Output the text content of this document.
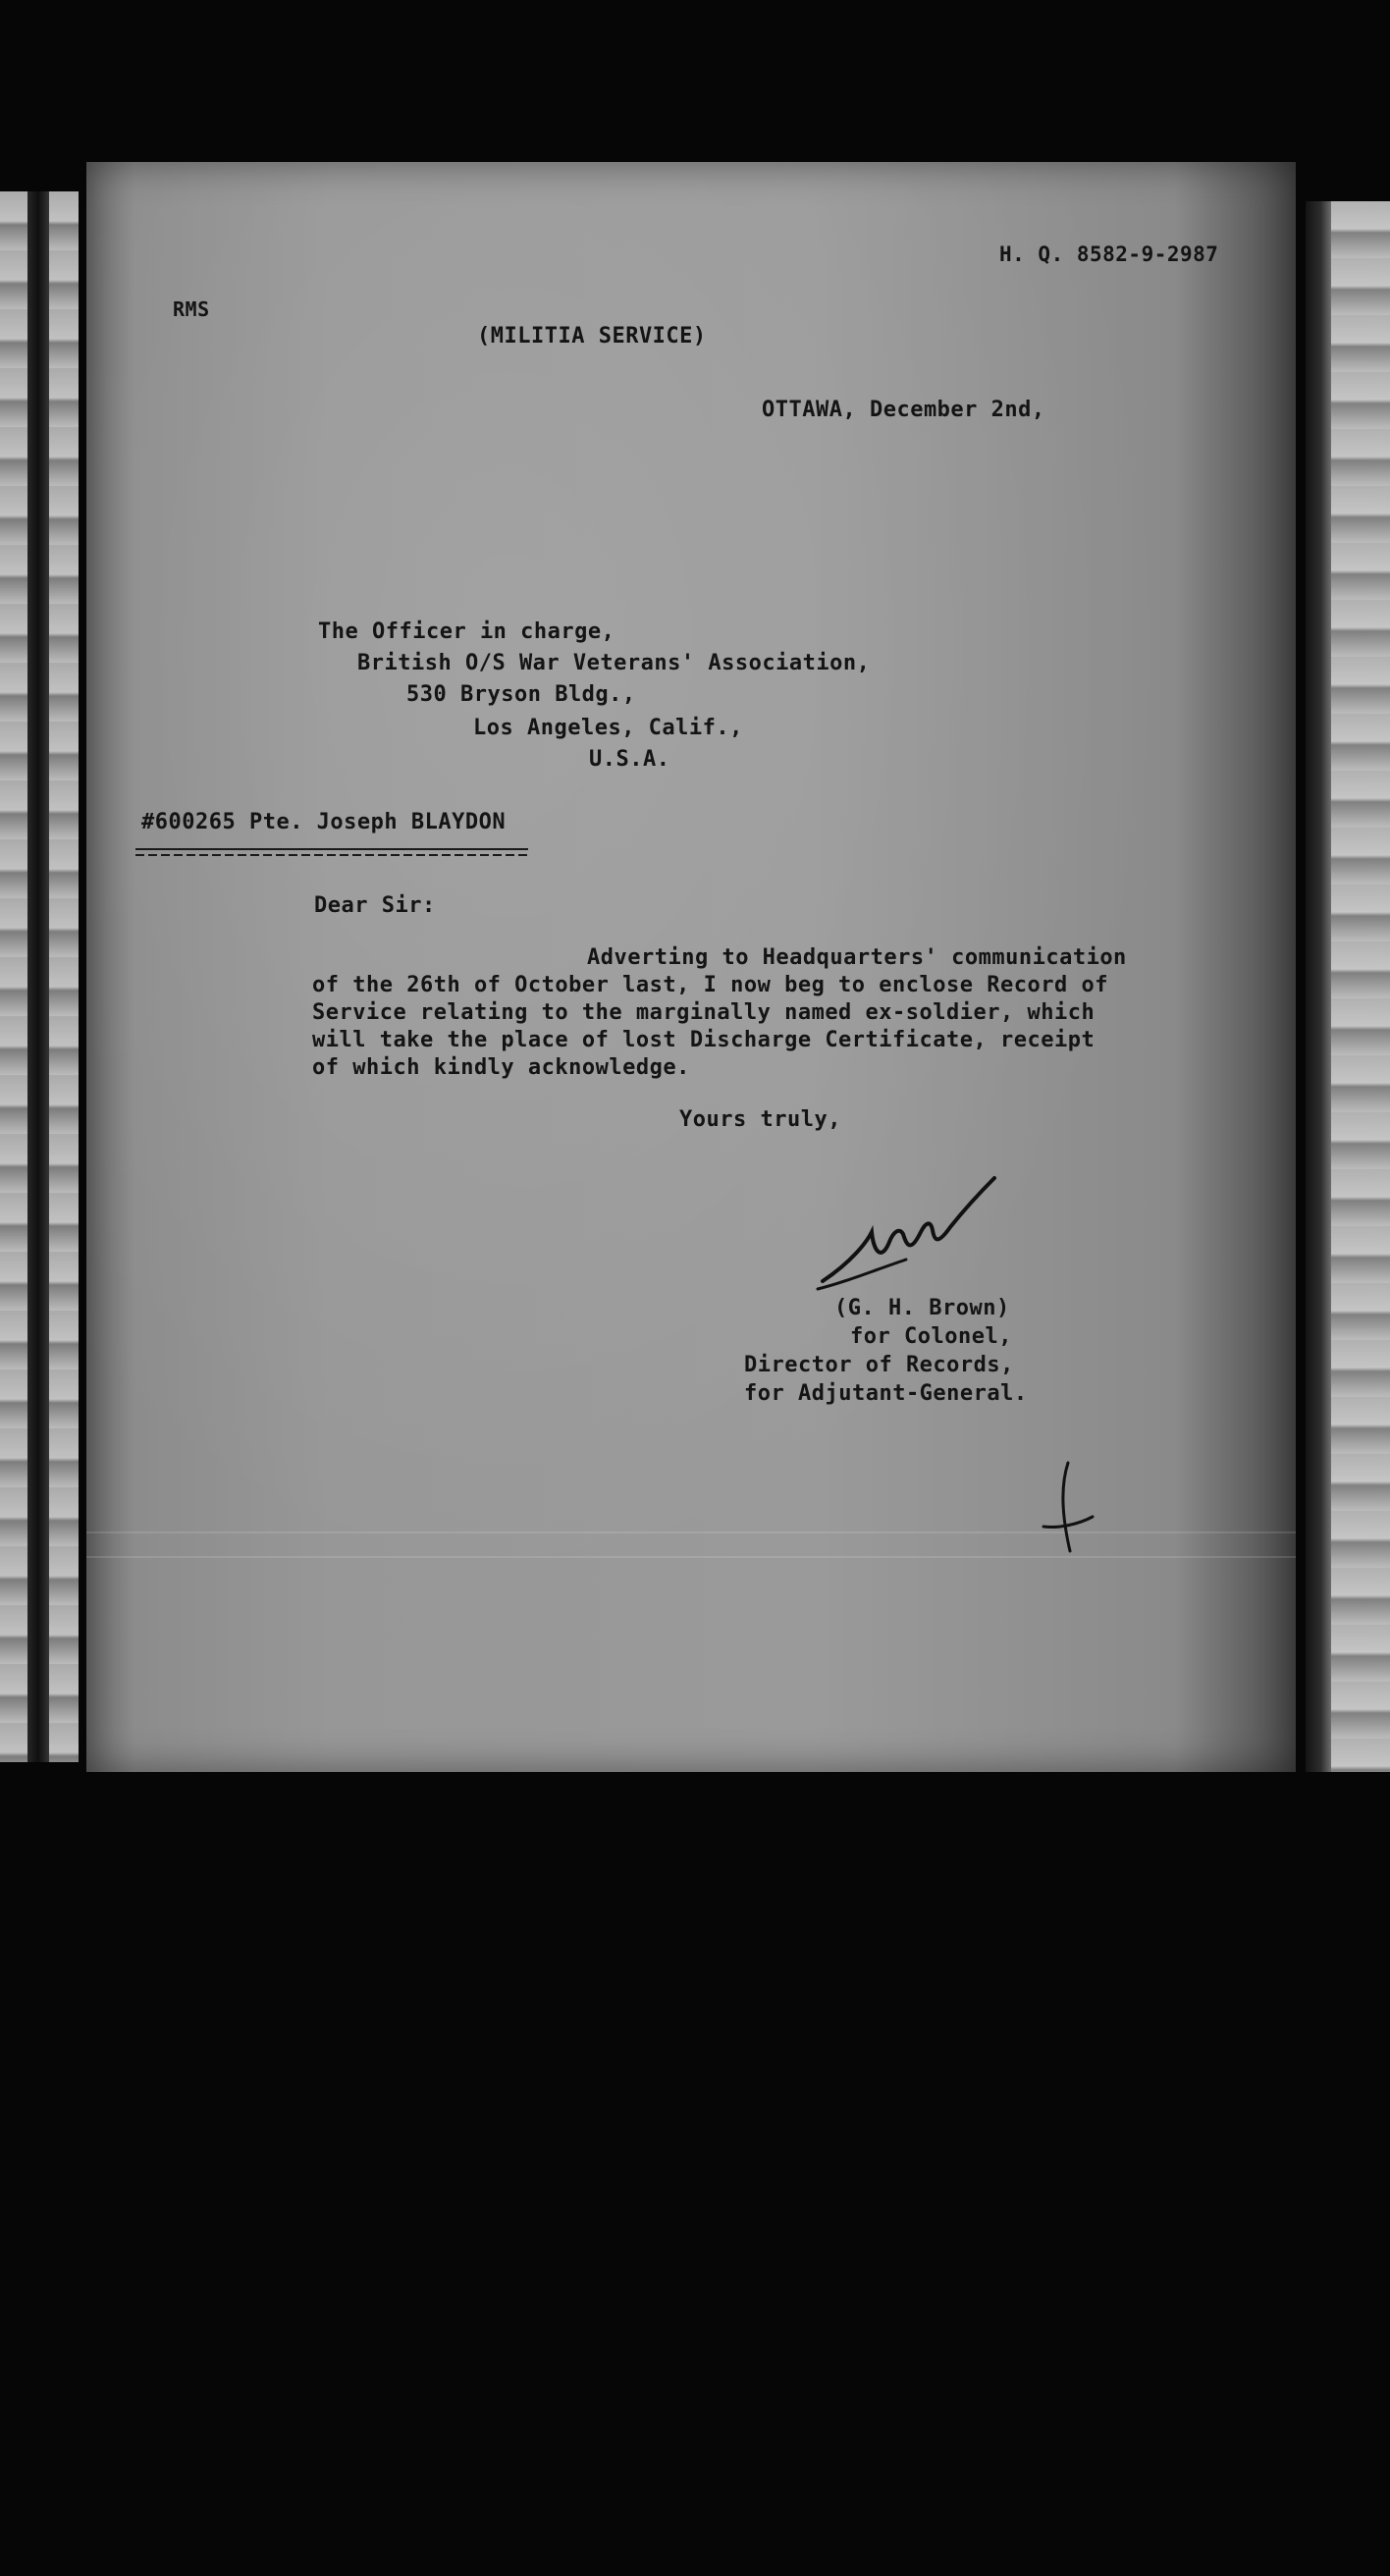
H. Q. 8582-9-2987
RMS
(MILITIA SERVICE)
OTTAWA, December 2nd,
The Officer in charge,
British O/S War Veterans' Association,
530 Bryson Bldg.,
Los Angeles, Calif.,
U.S.A.
#600265 Pte. Joseph BLAYDON
Dear Sir:
Adverting to Headquarters' communication
of the 26th of October last, I now beg to enclose Record of
Service relating to the marginally named ex-soldier, which
will take the place of lost Discharge Certificate, receipt
of which kindly acknowledge.
Yours truly,
(G. H. Brown)
for Colonel,
Director of Records,
for Adjutant-General.
